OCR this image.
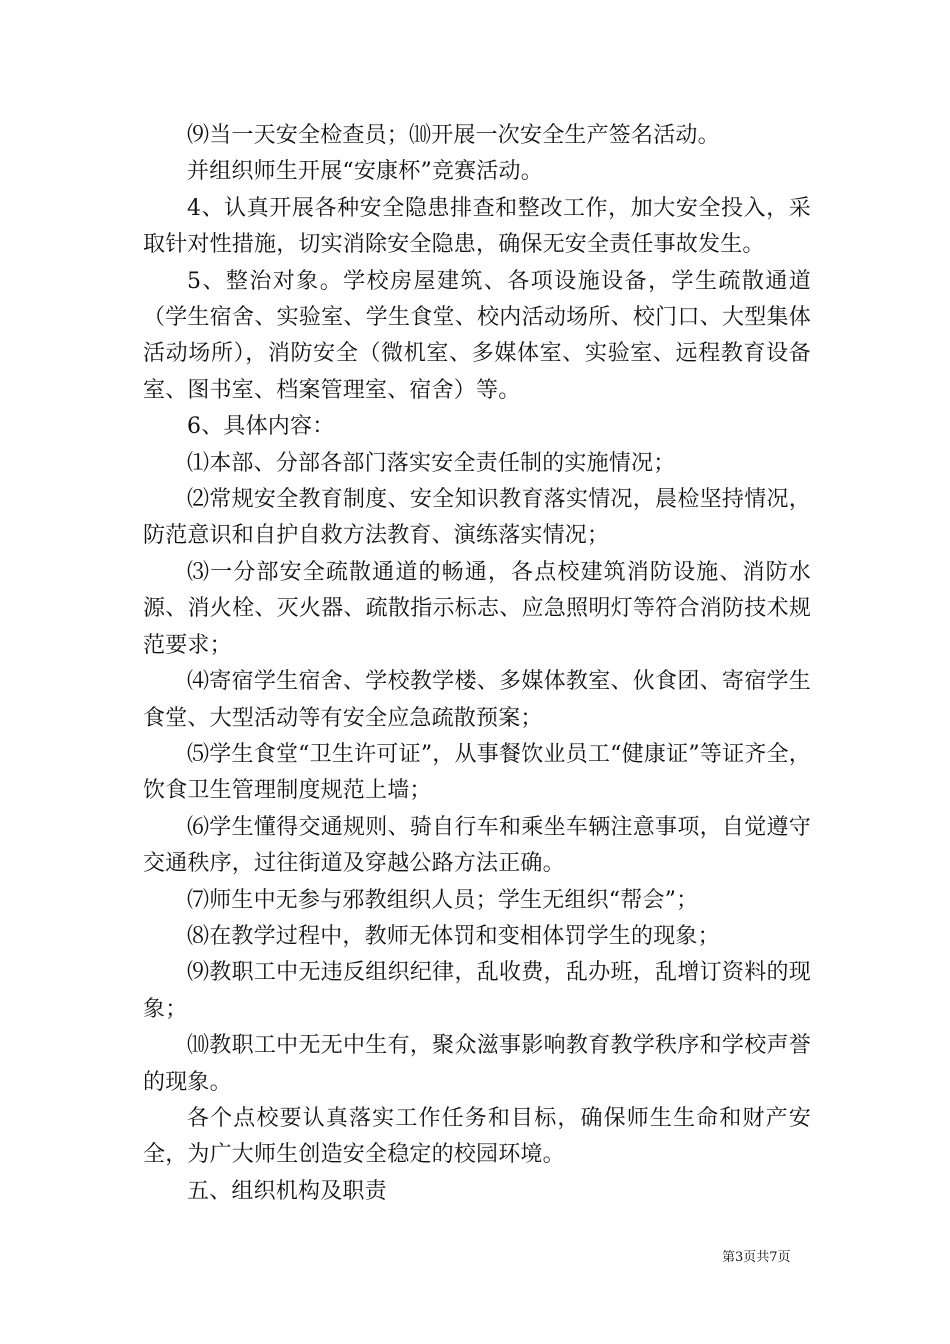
⑼当一天安全检查员；⑽开展一次安全生产签名活动。

并组织师生开展“安康杯”竞赛活动。

4、认真开展各种安全隐患排查和整改工作，加大安全投入，采取针对性措施，切实消除安全隐患，确保无安全责任事故发生。

5、整治对象。学校房屋建筑、各项设施设备，学生疏散通道（学生宿舍、实验室、学生食堂、校内活动场所、校门口、大型集体活动场所），消防安全（微机室、多媒体室、实验室、远程教育设备室、图书室、档案管理室、宿舍）等。

6、具体内容：

⑴本部、分部各部门落实安全责任制的实施情况；

⑵常规安全教育制度、安全知识教育落实情况，晨检坚持情况，防范意识和自护自救方法教育、演练落实情况；

⑶一分部安全疏散通道的畅通，各点校建筑消防设施、消防水源、消火栓、灭火器、疏散指示标志、应急照明灯等符合消防技术规范要求；

⑷寄宿学生宿舍、学校教学楼、多媒体教室、伙食团、寄宿学生食堂、大型活动等有安全应急疏散预案；

⑸学生食堂“卫生许可证”，从事餐饮业员工“健康证”等证齐全，饮食卫生管理制度规范上墙；

⑹学生懂得交通规则、骑自行车和乘坐车辆注意事项，自觉遵守交通秩序，过往街道及穿越公路方法正确。

⑺师生中无参与邪教组织人员；学生无组织“帮会”；

⑻在教学过程中，教师无体罚和变相体罚学生的现象；

⑼教职工中无违反组织纪律，乱收费，乱办班，乱增订资料的现象；

⑽教职工中无无中生有，聚众滋事影响教育教学秩序和学校声誉的现象。

各个点校要认真落实工作任务和目标，确保师生生命和财产安全，为广大师生创造安全稳定的校园环境。

五、组织机构及职责

第3页共7页
